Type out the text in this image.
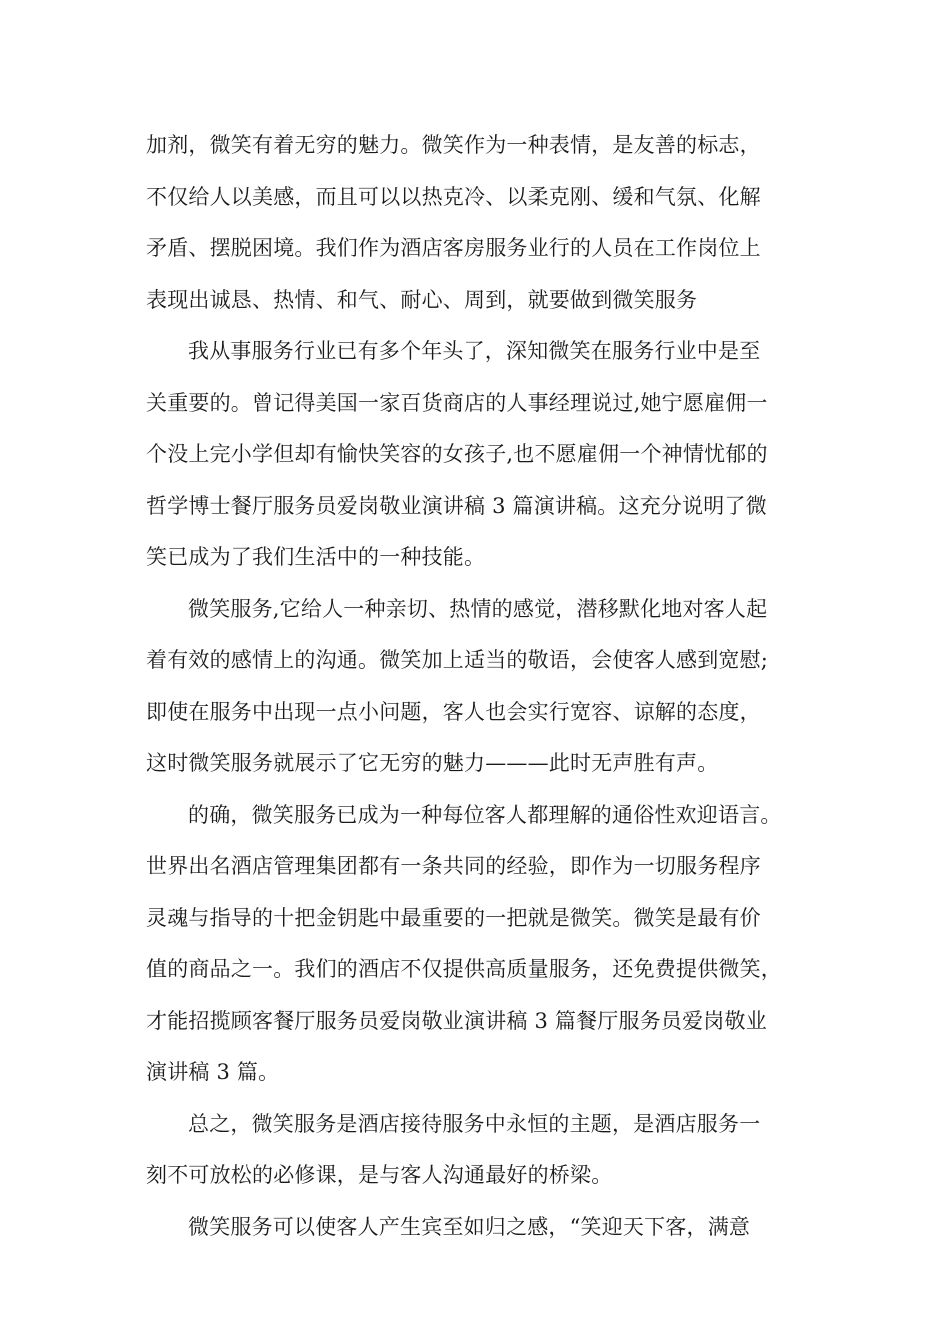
加剂，微笑有着无穷的魅力。微笑作为一种表情，是友善的标志，
不仅给人以美感，而且可以以热克冷、以柔克刚、缓和气氛、化解
矛盾、摆脱困境。我们作为酒店客房服务业行的人员在工作岗位上
表现出诚恳、热情、和气、耐心、周到，就要做到微笑服务
我从事服务行业已有多个年头了，深知微笑在服务行业中是至
关重要的。曾记得美国一家百货商店的人事经理说过,她宁愿雇佣一
个没上完小学但却有愉快笑容的女孩子,也不愿雇佣一个神情忧郁的
哲学博士餐厅服务员爱岗敬业演讲稿 3 篇演讲稿。这充分说明了微
笑已成为了我们生活中的一种技能。
微笑服务,它给人一种亲切、热情的感觉，潜移默化地对客人起
着有效的感情上的沟通。微笑加上适当的敬语，会使客人感到宽慰;
即使在服务中出现一点小问题，客人也会实行宽容、谅解的态度，
这时微笑服务就展示了它无穷的魅力———此时无声胜有声。
的确，微笑服务已成为一种每位客人都理解的通俗性欢迎语言。
世界出名酒店管理集团都有一条共同的经验，即作为一切服务程序
灵魂与指导的十把金钥匙中最重要的一把就是微笑。微笑是最有价
值的商品之一。我们的酒店不仅提供高质量服务，还免费提供微笑，
才能招揽顾客餐厅服务员爱岗敬业演讲稿 3 篇餐厅服务员爱岗敬业
演讲稿 3 篇。
总之，微笑服务是酒店接待服务中永恒的主题，是酒店服务一
刻不可放松的必修课，是与客人沟通最好的桥梁。
微笑服务可以使客人产生宾至如归之感，“笑迎天下客，满意
